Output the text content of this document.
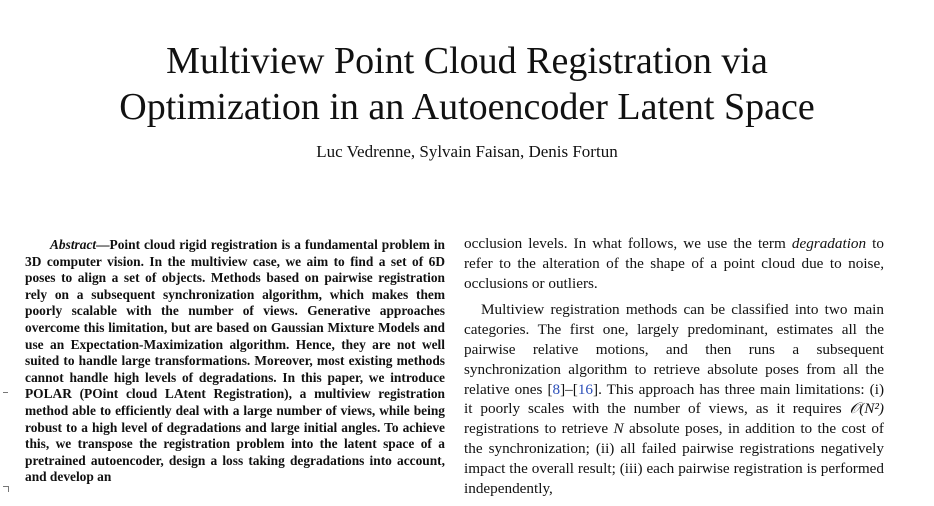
Multiview Point Cloud Registration via
Optimization in an Autoencoder Latent Space
Luc Vedrenne, Sylvain Faisan, Denis Fortun

Abstract—Point cloud rigid registration is a fundamental problem in 3D computer vision. In the multiview case, we aim to find a set of 6D poses to align a set of objects. Methods based on pairwise registration rely on a subsequent synchronization algorithm, which makes them poorly scalable with the number of views. Generative approaches overcome this limitation, but are based on Gaussian Mixture Models and use an Expectation-Maximization algorithm. Hence, they are not well suited to handle large transformations. Moreover, most existing methods cannot handle high levels of degradations. In this paper, we introduce POLAR (POint cloud LAtent Registration), a multiview registration method able to efficiently deal with a large number of views, while being robust to a high level of degradations and large initial angles. To achieve this, we transpose the registration problem into the latent space of a pretrained autoencoder, design a loss taking degradations into account, and develop an

occlusion levels. In what follows, we use the term degradation to refer to the alteration of the shape of a point cloud due to noise, occlusions or outliers.

Multiview registration methods can be classified into two main categories. The first one, largely predominant, estimates all the pairwise relative motions, and then runs a subsequent synchronization algorithm to retrieve absolute poses from all the relative ones [8]–[16]. This approach has three main limitations: (i) it poorly scales with the number of views, as it requires 𝒪(N²) registrations to retrieve N absolute poses, in addition to the cost of the synchronization; (ii) all failed pairwise registrations negatively impact the overall result; (iii) each pairwise registration is performed independently,
